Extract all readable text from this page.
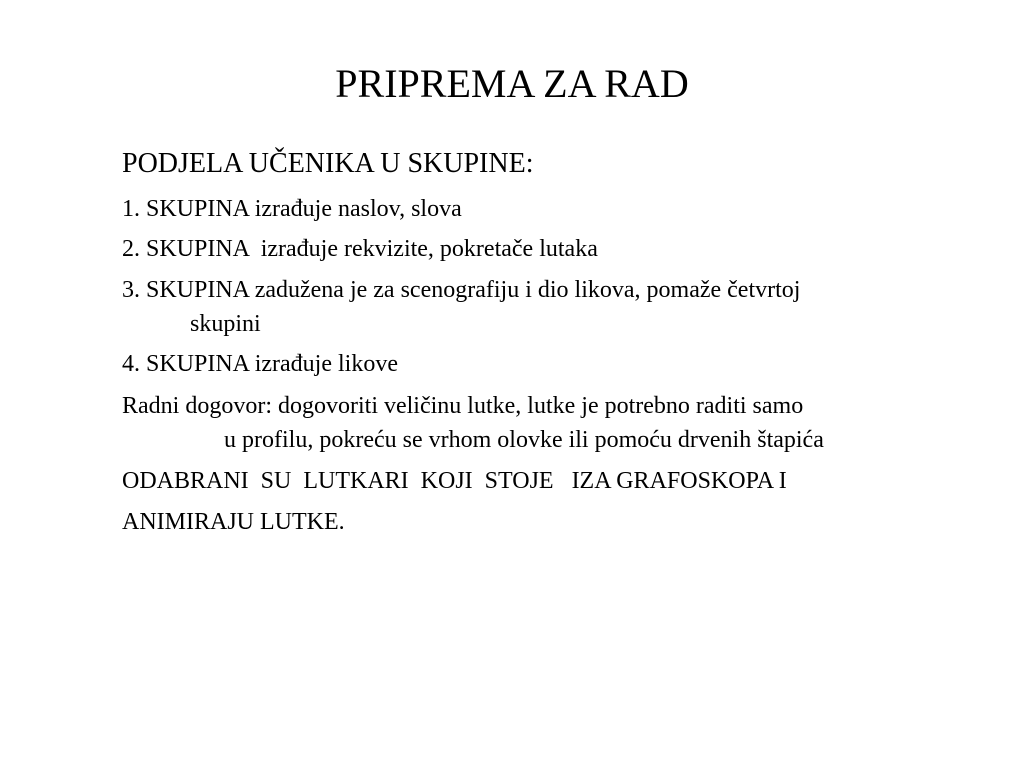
PRIPREMA ZA RAD
PODJELA UČENIKA U SKUPINE:
1. SKUPINA izrađuje naslov, slova
2. SKUPINA  izrađuje rekvizite, pokretače lutaka
3. SKUPINA zadužena je za scenografiju i dio likova, pomaže četvrtoj
skupini
4. SKUPINA izrađuje likove
Radni dogovor: dogovoriti veličinu lutke, lutke je potrebno raditi samo
u profilu, pokreću se vrhom olovke ili pomoću drvenih štapića
ODABRANI  SU  LUTKARI  KOJI  STOJE   IZA GRAFOSKOPA I
ANIMIRAJU LUTKE.
